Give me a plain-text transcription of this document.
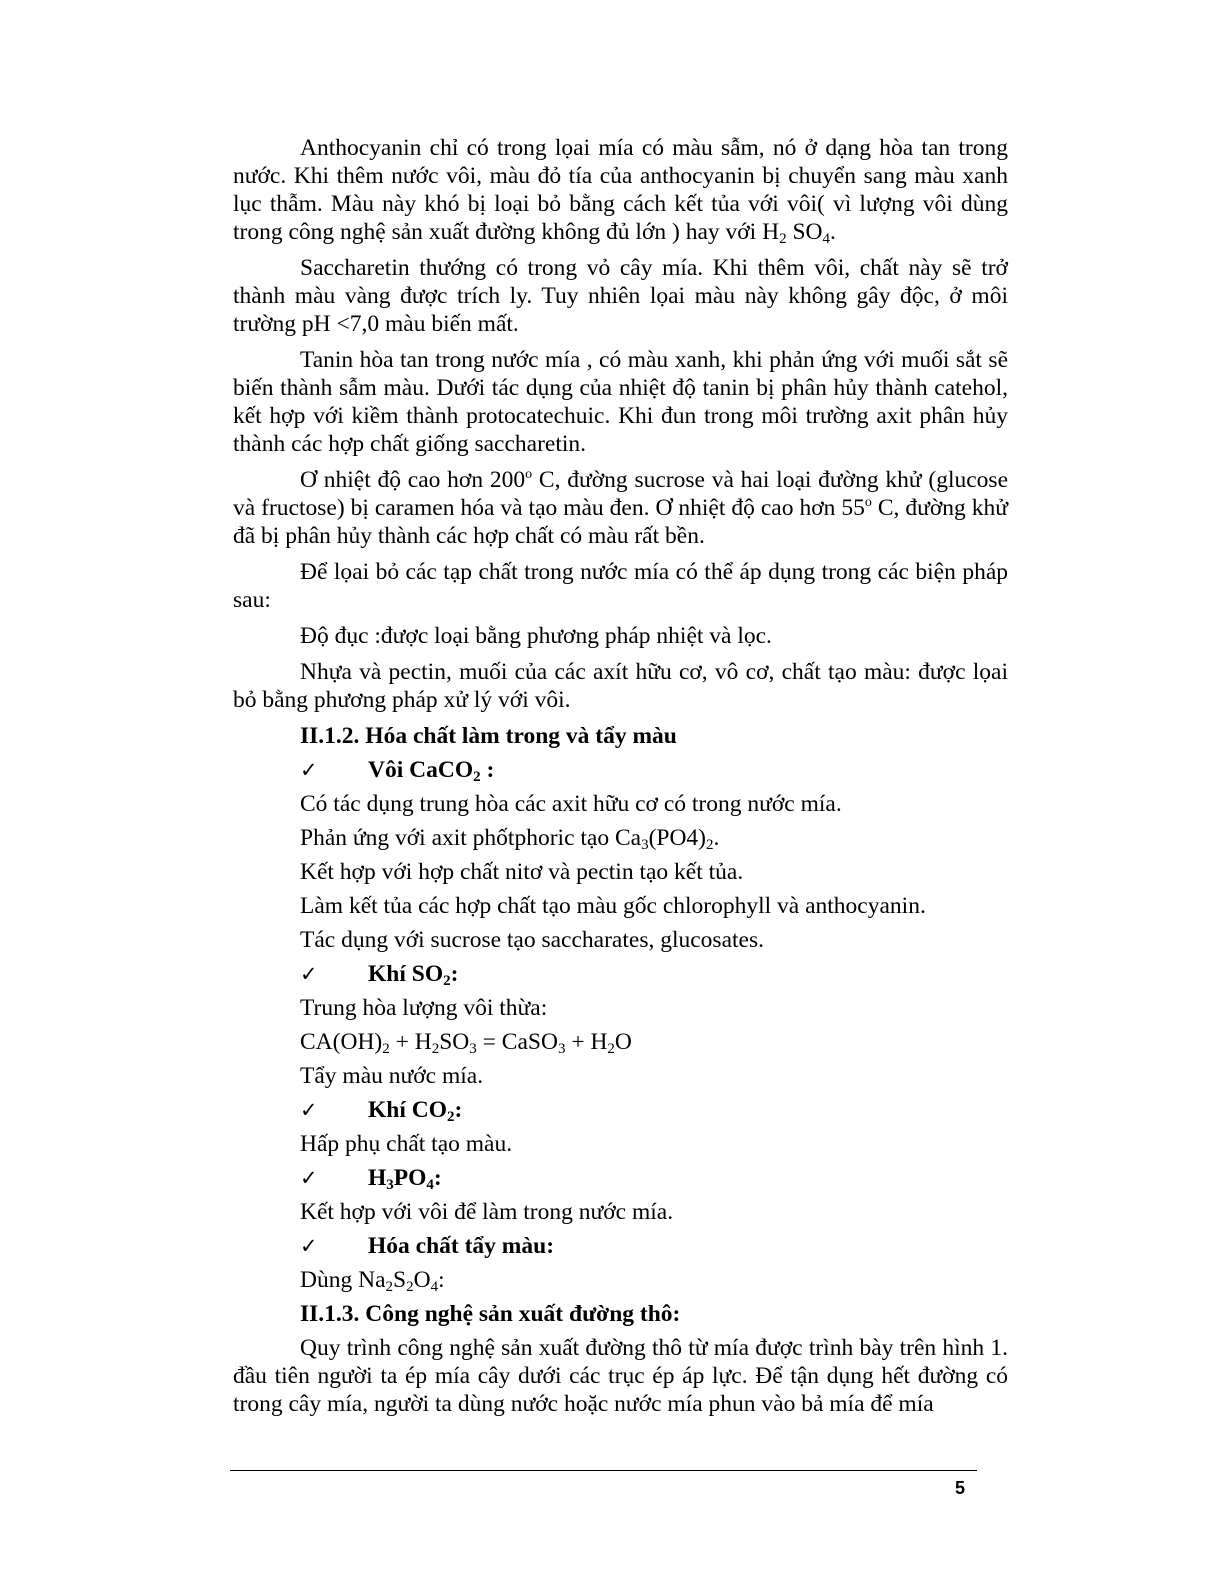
Anthocyanin chỉ có trong lọai mía có màu sẫm, nó ở dạng hòa tan trong nước. Khi thêm nước vôi, màu đỏ tía của anthocyanin bị chuyển sang màu xanh lục thẫm. Màu này khó bị loại bỏ bằng cách kết tủa với vôi( vì lượng vôi dùng trong công nghệ sản xuất đường không đủ lớn ) hay với $H_2$ $SO_4$.

Saccharetin thướng có trong vỏ cây mía. Khi thêm vôi, chất này sẽ trở thành màu vàng được trích ly. Tuy nhiên lọai màu này không gây độc, ở môi trường pH <7,0 màu biến mất.

Tanin hòa tan trong nước mía , có màu xanh, khi phản ứng với muối sắt sẽ biến thành sẫm màu. Dưới tác dụng của nhiệt độ tanin bị phân hủy thành catehol, kết hợp với kiềm thành protocatechuic. Khi đun trong môi trường axit phân hủy thành các hợp chất giống saccharetin.

Ơ nhiệt độ cao hơn 200$^o$ C, đường sucrose và hai loại đường khử (glucose và fructose) bị caramen hóa và tạo màu đen. Ơ nhiệt độ cao hơn 55$^o$ C, đường khử đã bị phân hủy thành các hợp chất có màu rất bền.

Để lọai bỏ các tạp chất trong nước mía có thể áp dụng trong các biện pháp sau:

Độ đục :được loại bằng phương pháp nhiệt và lọc.

Nhựa và pectin, muối của các axít hữu cơ, vô cơ, chất tạo màu: được lọai bỏ bằng phương pháp xử lý với vôi.

II.1.2. Hóa chất làm trong và tẩy màu
✓	Vôi CaCO$_2$ :
Có tác dụng trung hòa các axit hữu cơ có trong nước mía.
Phản ứng với axit phốtphoric tạo $Ca_3(PO4)_2$.
Kết hợp với hợp chất nitơ và pectin tạo kết tủa.
Làm kết tủa các hợp chất tạo màu gốc chlorophyll và anthocyanin.
Tác dụng với sucrose tạo saccharates, glucosates.
✓	Khí $SO_2$:
Trung hòa lượng vôi thừa:
$CA(OH)_2 + H_2SO_3$ = CaSO$_3$ + $H_2O$
Tẩy màu nước mía.
✓	Khí $CO_2$:
Hấp phụ chất tạo màu.
✓	$H_3PO_4$:
Kết hợp với vôi để làm trong nước mía.
✓	Hóa chất tẩy màu:
Dùng $Na_2S_2O_4$:
II.1.3. Công nghệ sản xuất đường thô:

Quy trình công nghệ sản xuất đường thô từ mía được trình bày trên hình 1. đầu tiên người ta ép mía cây dưới các trục ép áp lực. Để tận dụng hết đường có trong cây mía, người ta dùng nước hoặc nước mía phun vào bả mía để mía

5
